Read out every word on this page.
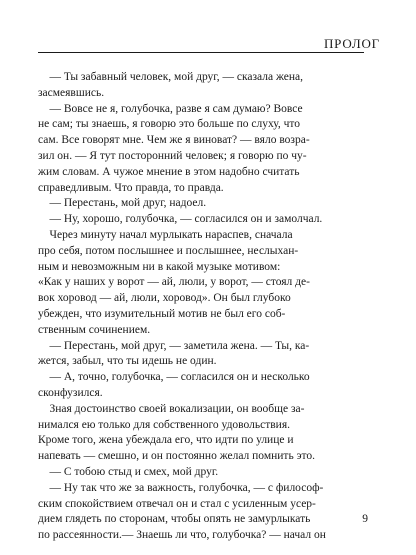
ПРОЛОГ
— Ты забавный человек, мой друг, — сказала жена,
засмеявшись.
— Вовсе не я, голубочка, разве я сам думаю? Вовсе
не сам; ты знаешь, я говорю это больше по слуху, что
сам. Все говорят мне. Чем же я виноват? — вяло возра-
зил он. — Я тут посторонний человек; я говорю по чу-
жим словам. А чужое мнение в этом надобно считать
справедливым. Что правда, то правда.
— Перестань, мой друг, надоел.
— Ну, хорошо, голубочка, — согласился он и замолчал.
Через минуту начал мурлыкать нараспев, сначала
про себя, потом послышнее и послышнее, неслыхан-
ным и невозможным ни в какой музыке мотивом:
«Как у наших у ворот — ай, люли, у ворот, — стоял де-
вок хоровод — ай, люли, хоровод». Он был глубоко
убежден, что изумительный мотив не был его соб-
ственным сочинением.
— Перестань, мой друг, — заметила жена. — Ты, ка-
жется, забыл, что ты идешь не один.
— А, точно, голубочка, — согласился он и несколько
сконфузился.
Зная достоинство своей вокализации, он вообще за-
нимался ею только для собственного удовольствия.
Кроме того, жена убеждала его, что идти по улице и
напевать — смешно, и он постоянно желал помнить это.
— С тобою стыд и смех, мой друг.
— Ну так что же за важность, голубочка, — с философ-
ским спокойствием отвечал он и стал с усиленным усер-
дием глядеть по сторонам, чтобы опять не замурлыкать
по рассеянности.— Знаешь ли что, голубочка? — начал он
9
